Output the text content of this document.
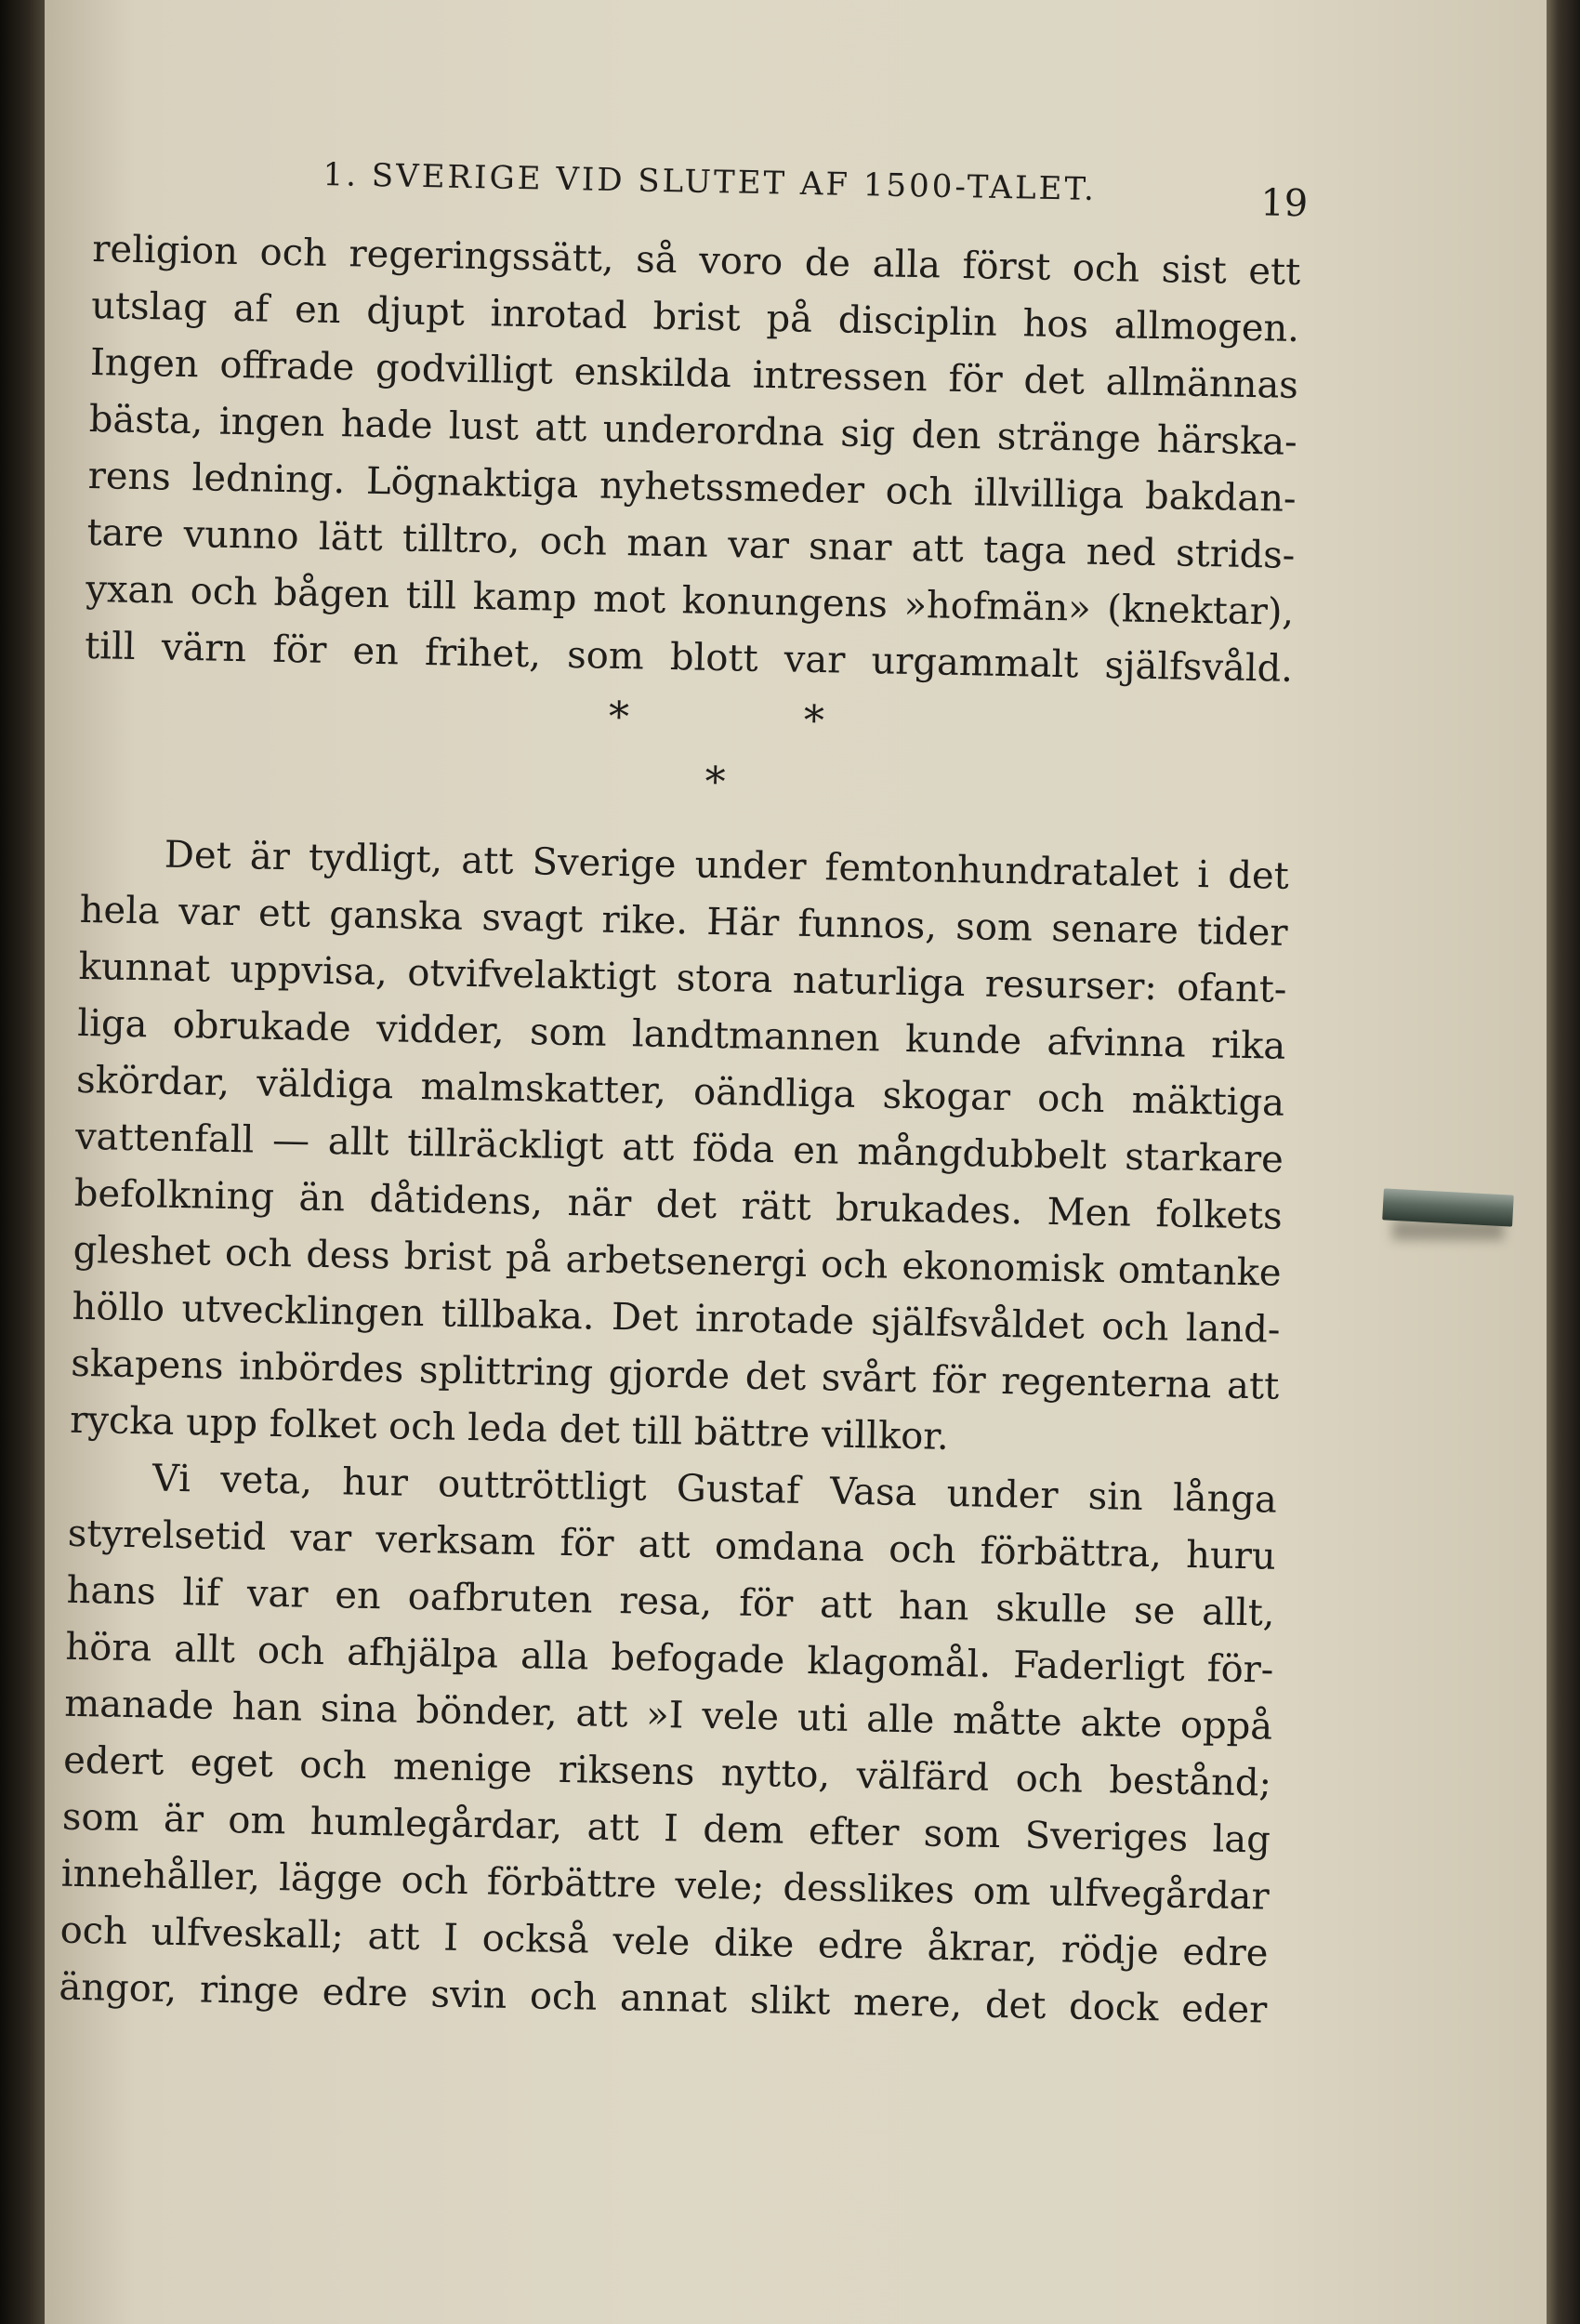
1. SVERIGE VID SLUTET AF 1500-TALET.	19
religion och regeringssätt, så voro de alla först och sist ett
utslag af en djupt inrotad brist på disciplin hos allmogen.
Ingen offrade godvilligt enskilda intressen för det allmännas
bästa, ingen hade lust att underordna sig den stränge härska-
rens ledning. Lögnaktiga nyhetssmeder och illvilliga bakdan-
tare vunno lätt tilltro, och man var snar att taga ned strids-
yxan och bågen till kamp mot konungens »hofmän» (knektar),
till värn för en frihet, som blott var urgammalt själfsvåld.
*	*
*
Det är tydligt, att Sverige under femtonhundratalet i det
hela var ett ganska svagt rike. Här funnos, som senare tider
kunnat uppvisa, otvifvelaktigt stora naturliga resurser: ofant-
liga obrukade vidder, som landtmannen kunde afvinna rika
skördar, väldiga malmskatter, oändliga skogar och mäktiga
vattenfall — allt tillräckligt att föda en mångdubbelt starkare
befolkning än dåtidens, när det rätt brukades. Men folkets
gleshet och dess brist på arbetsenergi och ekonomisk omtanke
höllo utvecklingen tillbaka. Det inrotade själfsvåldet och land-
skapens inbördes splittring gjorde det svårt för regenterna att
rycka upp folket och leda det till bättre villkor.
Vi veta, hur outtröttligt Gustaf Vasa under sin långa
styrelsetid var verksam för att omdana och förbättra, huru
hans lif var en oafbruten resa, för att han skulle se allt,
höra allt och afhjälpa alla befogade klagomål. Faderligt för-
manade han sina bönder, att »I vele uti alle måtte akte oppå
edert eget och menige riksens nytto, välfärd och bestånd;
som är om humlegårdar, att I dem efter som Sveriges lag
innehåller, lägge och förbättre vele; desslikes om ulfvegårdar
och ulfveskall; att I också vele dike edre åkrar, rödje edre
ängor, ringe edre svin och annat slikt mere, det dock eder
